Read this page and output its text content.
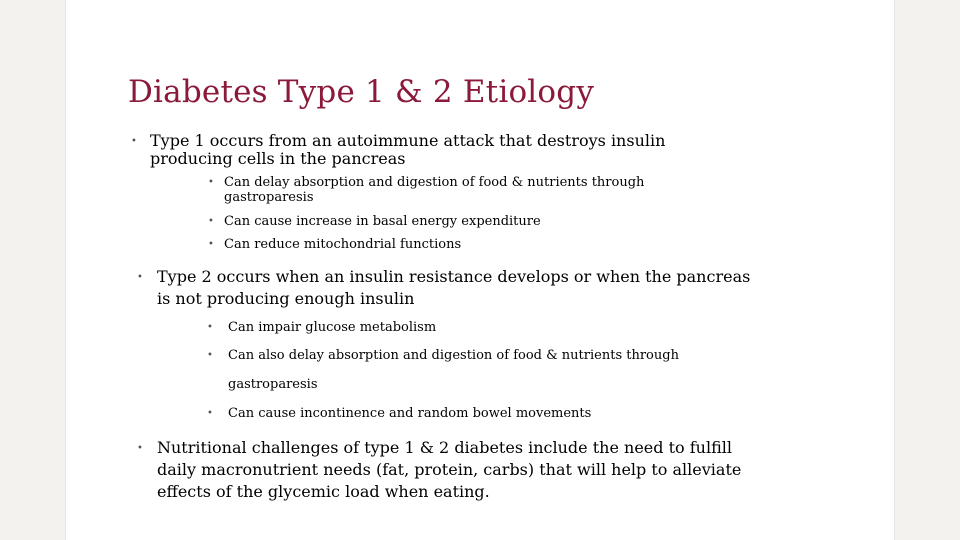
Diabetes Type 1 & 2 Etiology
• Type 1 occurs from an autoimmune attack that destroys insulin
producing cells in the pancreas
• Can delay absorption and digestion of food & nutrients through
gastroparesis
• Can cause increase in basal energy expenditure
• Can reduce mitochondrial functions
• Type 2 occurs when an insulin resistance develops or when the pancreas
is not producing enough insulin
• Can impair glucose metabolism
• Can also delay absorption and digestion of food & nutrients through
gastroparesis
• Can cause incontinence and random bowel movements
• Nutritional challenges of type 1 & 2 diabetes include the need to fulfill
daily macronutrient needs (fat, protein, carbs) that will help to alleviate
effects of the glycemic load when eating.
